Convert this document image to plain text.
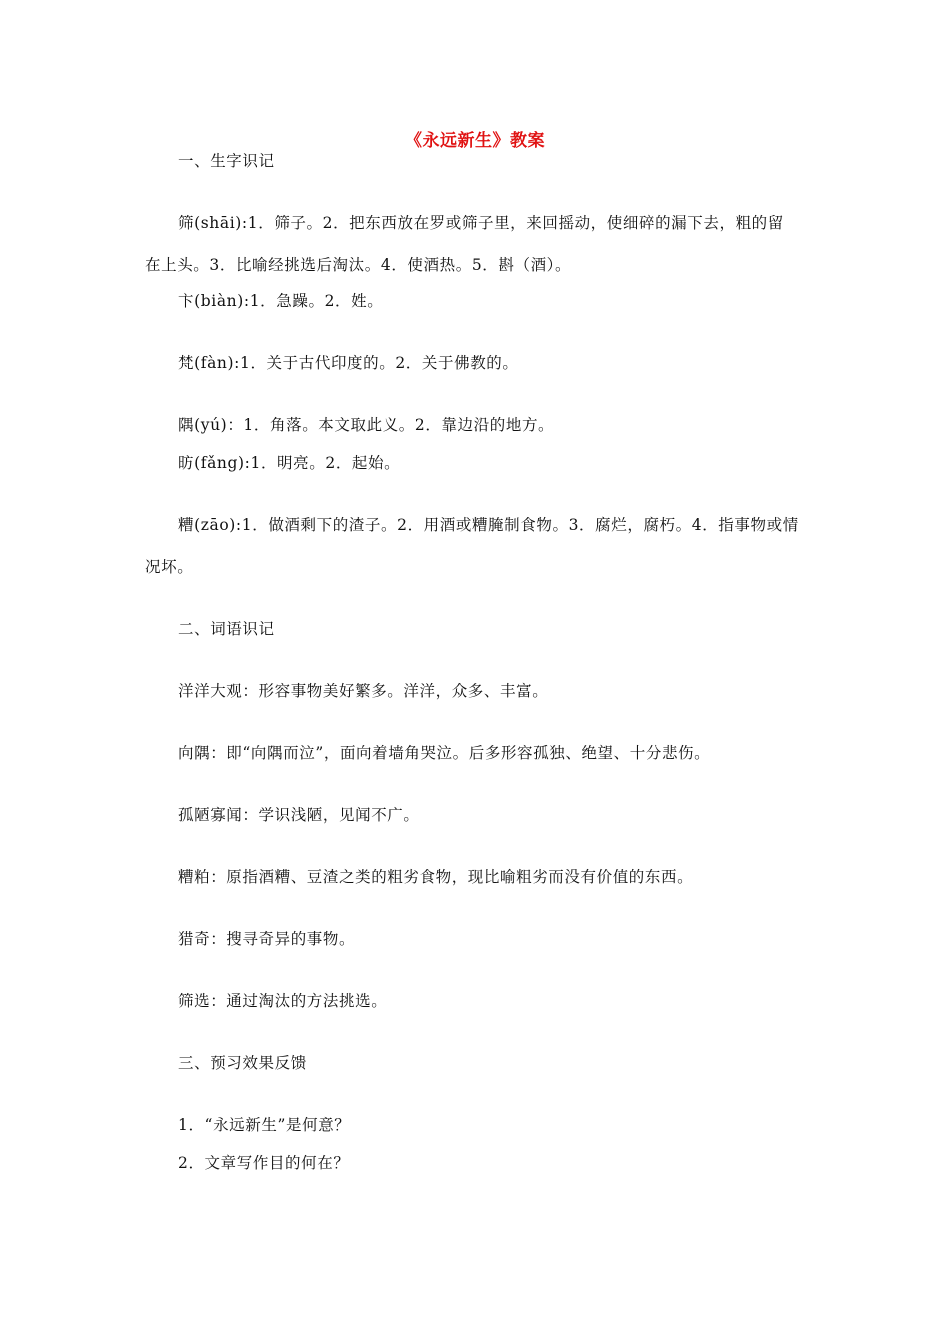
《永远新生》教案
一、生字识记
筛(shāi):1．筛子。2．把东西放在罗或筛子里，来回摇动，使细碎的漏下去，粗的留
在上头。3．比喻经挑选后淘汰。4．使酒热。5．斟（酒）。
卞(biàn):1．急躁。2．姓。
梵(fàn):1．关于古代印度的。2．关于佛教的。
隅(yú)：1．角落。本文取此义。2．靠边沿的地方。
昉(fǎng):1．明亮。2．起始。
糟(zāo):1．做酒剩下的渣子。2．用酒或糟腌制食物。3．腐烂，腐朽。4．指事物或情
况坏。
二、词语识记
洋洋大观：形容事物美好繁多。洋洋，众多、丰富。
向隅：即“向隅而泣”，面向着墙角哭泣。后多形容孤独、绝望、十分悲伤。
孤陋寡闻：学识浅陋，见闻不广。
糟粕：原指酒糟、豆渣之类的粗劣食物，现比喻粗劣而没有价值的东西。
猎奇：搜寻奇异的事物。
筛选：通过淘汰的方法挑选。
三、预习效果反馈
1．“永远新生”是何意？
2．文章写作目的何在？
